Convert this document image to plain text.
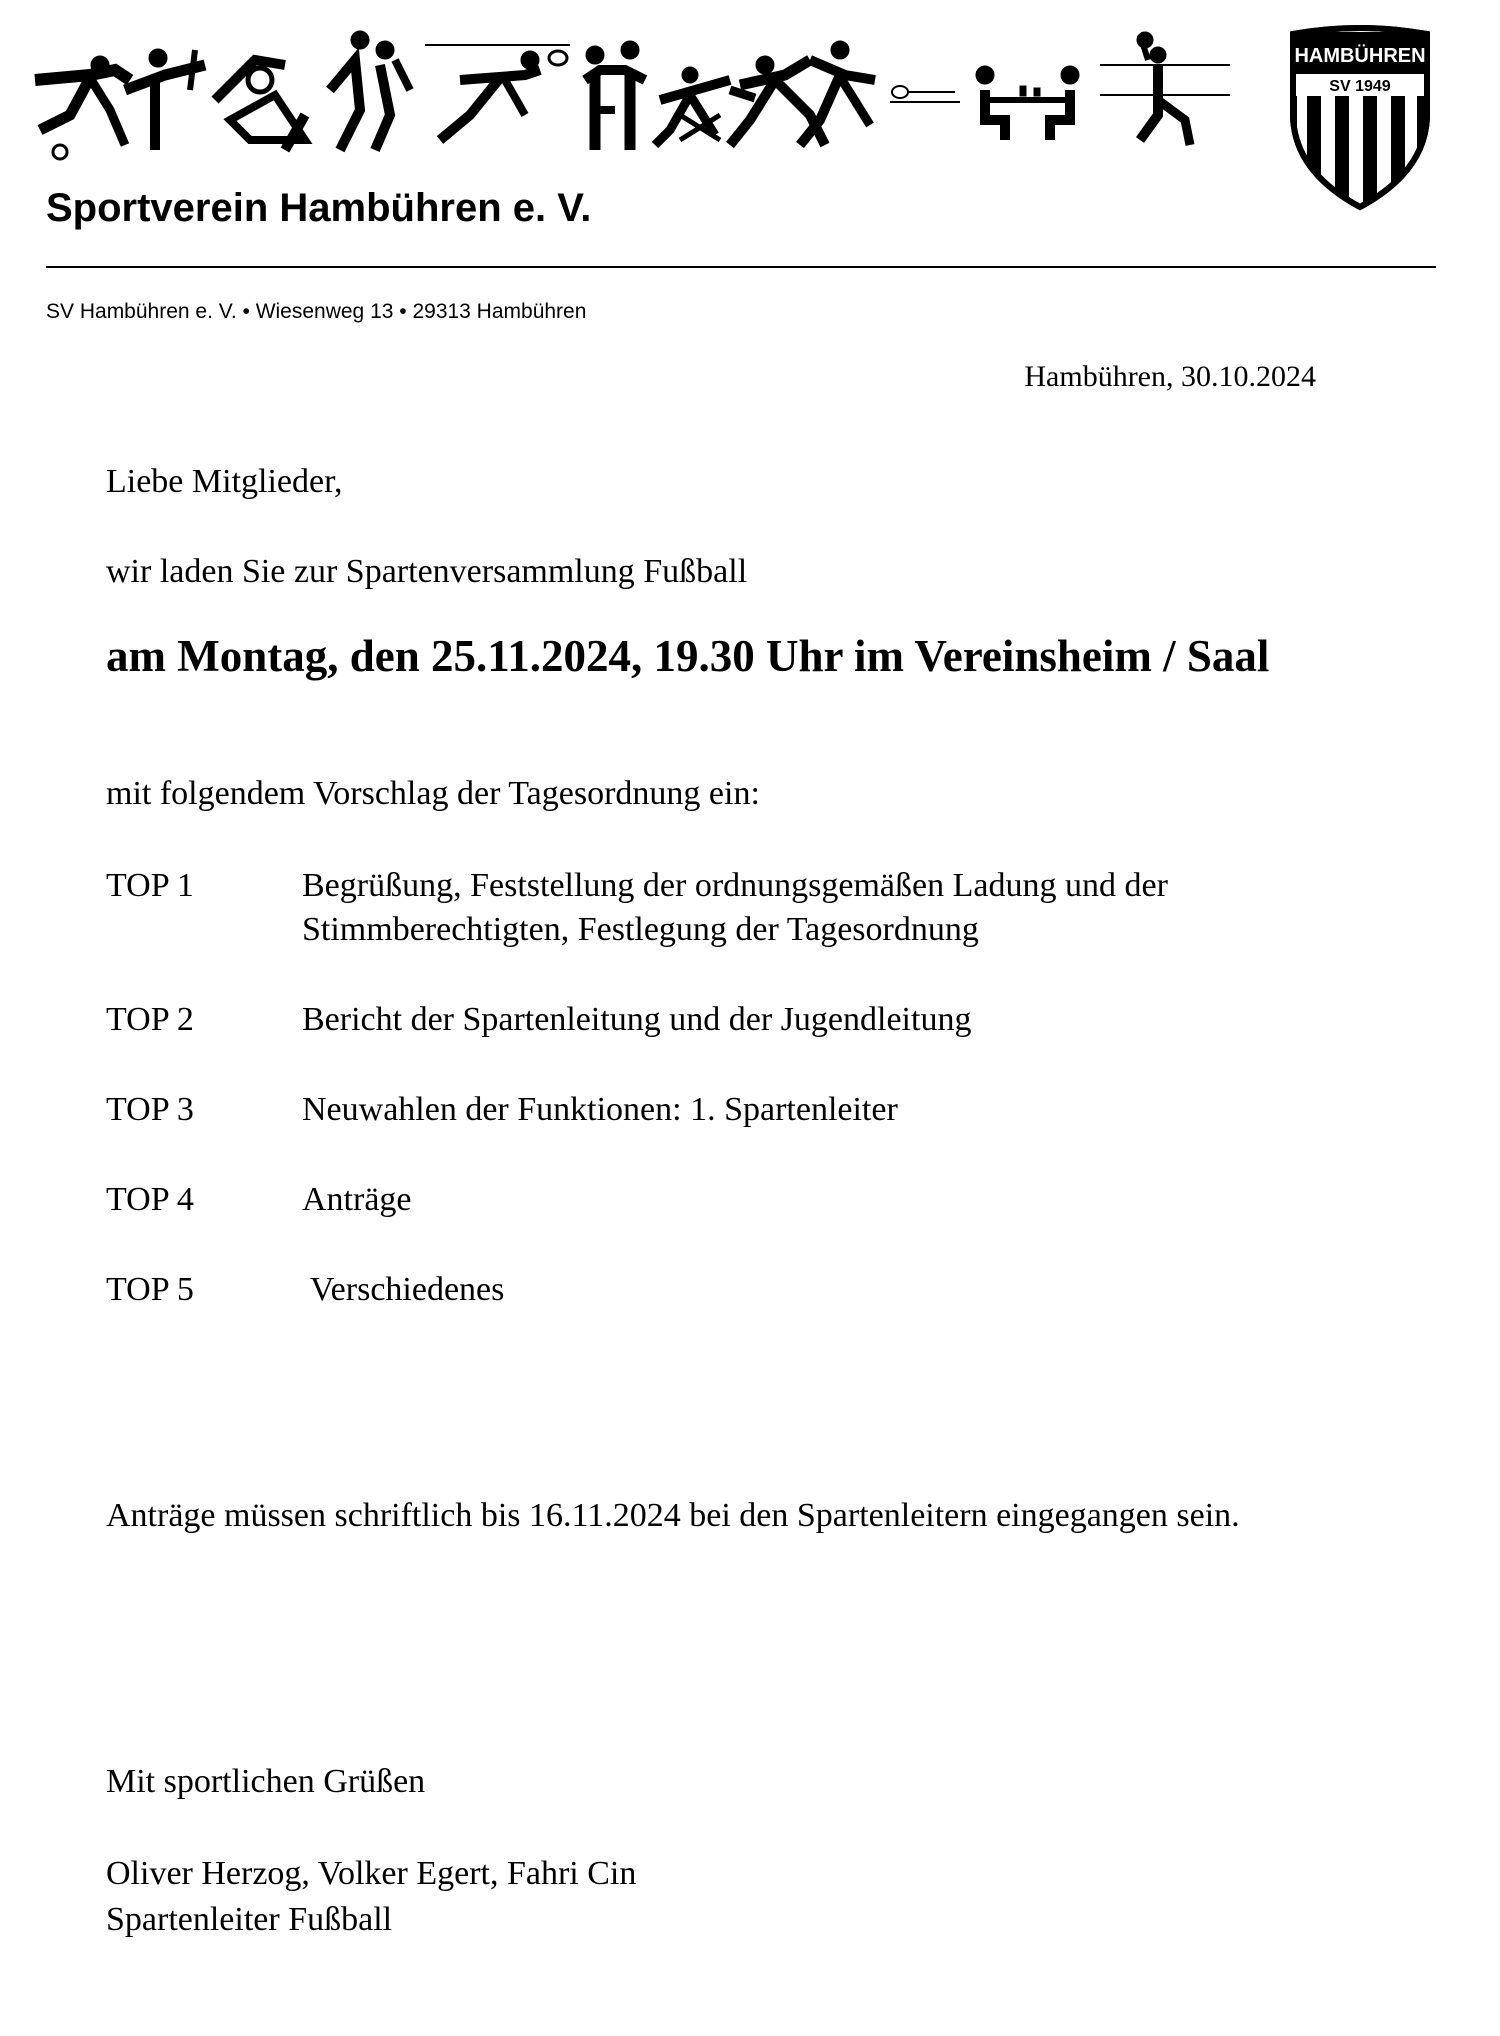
HAMBÜHREN
SV 1949
Sportverein Hambühren e. V.
SV Hambühren e. V. • Wiesenweg 13 • 29313 Hambühren
Hambühren, 30.10.2024
Liebe Mitglieder,
wir laden Sie zur Spartenversammlung Fußball
am Montag, den 25.11.2024, 19.30 Uhr im Vereinsheim / Saal
mit folgendem Vorschlag der Tagesordnung ein:
TOP 1	Begrüßung, Feststellung der ordnungsgemäßen Ladung und der Stimmberechtigten, Festlegung der Tagesordnung
TOP 2	Bericht der Spartenleitung und der Jugendleitung
TOP 3	Neuwahlen der Funktionen: 1. Spartenleiter
TOP 4	Anträge
TOP 5	Verschiedenes
Anträge müssen schriftlich bis 16.11.2024 bei den Spartenleitern eingegangen sein.
Mit sportlichen Grüßen
Oliver Herzog, Volker Egert, Fahri Cin
Spartenleiter Fußball
